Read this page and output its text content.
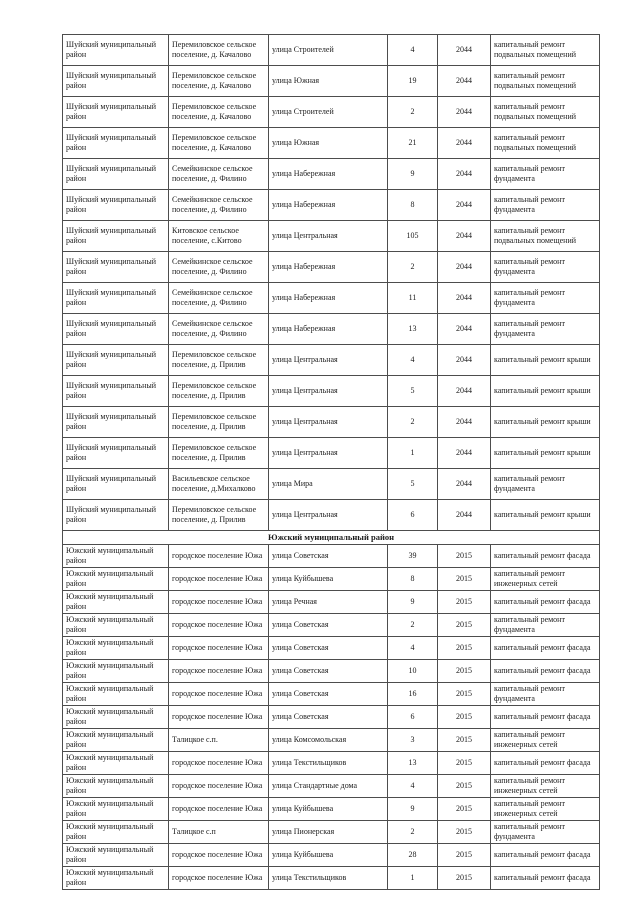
Шуйский муниципальный район	Перемиловское сельское поселение, д. Качалово	улица Строителей	4	2044	капитальный ремонт подвальных помещений
Шуйский муниципальный район	Перемиловское сельское поселение, д. Качалово	улица Южная	19	2044	капитальный ремонт подвальных помещений
Шуйский муниципальный район	Перемиловское сельское поселение, д. Качалово	улица Строителей	2	2044	капитальный ремонт подвальных помещений
Шуйский муниципальный район	Перемиловское сельское поселение, д. Качалово	улица Южная	21	2044	капитальный ремонт подвальных помещений
Шуйский муниципальный район	Семейкинское сельское поселение, д. Филино	улица Набережная	9	2044	капитальный ремонт фундамента
Шуйский муниципальный район	Семейкинское сельское поселение, д. Филино	улица Набережная	8	2044	капитальный ремонт фундамента
Шуйский муниципальный район	Китовское сельское поселение, с.Китово	улица Центральная	105	2044	капитальный ремонт подвальных помещений
Шуйский муниципальный район	Семейкинское сельское поселение, д. Филино	улица Набережная	2	2044	капитальный ремонт фундамента
Шуйский муниципальный район	Семейкинское сельское поселение, д. Филино	улица Набережная	11	2044	капитальный ремонт фундамента
Шуйский муниципальный район	Семейкинское сельское поселение, д. Филино	улица Набережная	13	2044	капитальный ремонт фундамента
Шуйский муниципальный район	Перемиловское сельское поселение, д. Прилив	улица Центральная	4	2044	капитальный ремонт крыши
Шуйский муниципальный район	Перемиловское сельское поселение, д. Прилив	улица Центральная	5	2044	капитальный ремонт крыши
Шуйский муниципальный район	Перемиловское сельское поселение, д. Прилив	улица Центральная	2	2044	капитальный ремонт крыши
Шуйский муниципальный район	Перемиловское сельское поселение, д. Прилив	улица Центральная	1	2044	капитальный ремонт крыши
Шуйский муниципальный район	Васильевское сельское поселение, д.Михалково	улица Мира	5	2044	капитальный ремонт фундамента
Шуйский муниципальный район	Перемиловское сельское поселение, д. Прилив	улица Центральная	6	2044	капитальный ремонт крыши
Южский муниципальный район					
Южский муниципальный район	городское поселение Южа	улица Советская	39	2015	капитальный ремонт фасада
Южский муниципальный район	городское поселение Южа	улица Куйбышева	8	2015	капитальный ремонт инженерных сетей
Южский муниципальный район	городское поселение Южа	улица Речная	9	2015	капитальный ремонт фасада
Южский муниципальный район	городское поселение Южа	улица Советская	2	2015	капитальный ремонт фундамента
Южский муниципальный район	городское поселение Южа	улица Советская	4	2015	капитальный ремонт фасада
Южский муниципальный район	городское поселение Южа	улица Советская	10	2015	капитальный ремонт фасада
Южский муниципальный район	городское поселение Южа	улица Советская	16	2015	капитальный ремонт фундамента
Южский муниципальный район	городское поселение Южа	улица Советская	6	2015	капитальный ремонт фасада
Южский муниципальный район	Талицкое с.п.	улица Комсомольская	3	2015	капитальный ремонт инженерных сетей
Южский муниципальный район	городское поселение Южа	улица Текстильщиков	13	2015	капитальный ремонт фасада
Южский муниципальный район	городское поселение Южа	улица Стандартные дома	4	2015	капитальный ремонт инженерных сетей
Южский муниципальный район	городское поселение Южа	улица Куйбышева	9	2015	капитальный ремонт инженерных сетей
Южский муниципальный район	Талицкое с.п	улица Пионерская	2	2015	капитальный ремонт фундамента
Южский муниципальный район	городское поселение Южа	улица Куйбышева	28	2015	капитальный ремонт фасада
Южский муниципальный район	городское поселение Южа	улица Текстильщиков	1	2015	капитальный ремонт фасада
